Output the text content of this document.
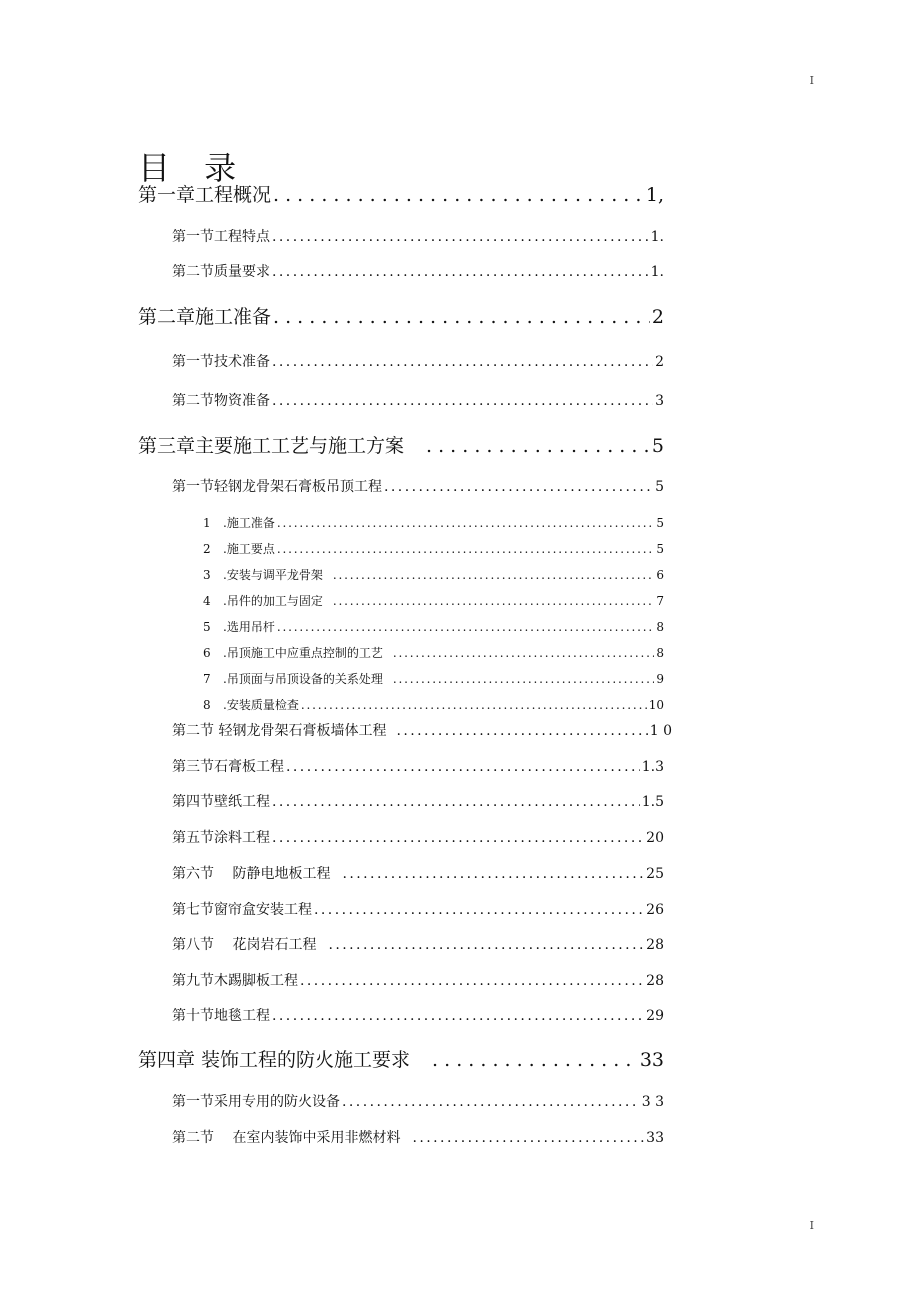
I
目 录
第一章工程概况 . . .	1,
第一节工程特点 . . .	1.
第二节质量要求 . . .	1.
第二章施工准备 . . .	2
第一节技术准备 . . .	2
第二节物资准备 . . .	3
第三章主要施工工艺与施工方案 . . .	5
第一节轻钢龙骨架石膏板吊顶工程 . . .	5
1 .施工准备 . . .	5
2 .施工要点 . . .	5
3 .安装与调平龙骨架 . . .	6
4 .吊件的加工与固定 . . .	7
5 .选用吊杆 . . .	8
6 .吊顶施工中应重点控制的工艺 . . .	8
7 .吊顶面与吊顶设备的关系处理 . . .	9
8 .安装质量检查 . . .	10
第二节 轻钢龙骨架石膏板墙体工程 . . .	1 0
第三节石膏板工程 . . .	1.3
第四节壁纸工程 . . .	1.5
第五节涂料工程 . . .	20
第六节　 防静电地板工程 . . .	25
第七节窗帘盒安装工程 . . .	26
第八节　 花岗岩石工程 . . .	28
第九节木踢脚板工程 . . .	28
第十节地毯工程 . . .	29
第四章 装饰工程的防火施工要求 . . .	33
第一节采用专用的防火设备 . . .	3 3
第二节　 在室内装饰中采用非燃材料 . . .	33
I
